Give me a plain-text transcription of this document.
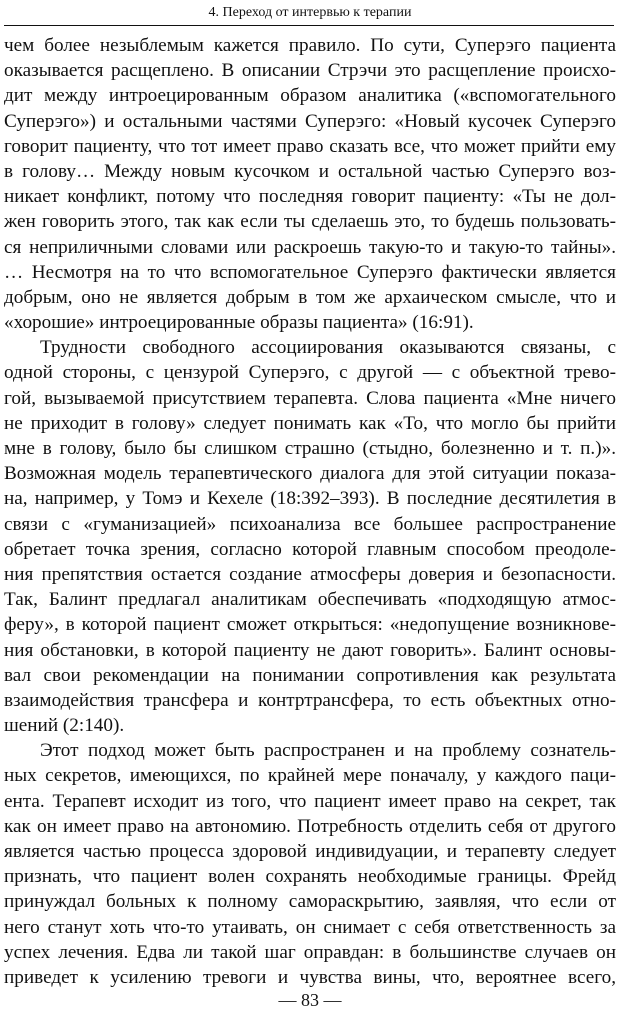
4. Переход от интервью к терапии
чем более незыблемым кажется правило. По сути, Суперэго пациента
оказывается расщеплено. В описании Стрэчи это расщепление происхо-
дит между интроецированным образом аналитика («вспомогательного
Суперэго») и остальными частями Суперэго: «Новый кусочек Суперэго
говорит пациенту, что тот имеет право сказать все, что может прийти ему
в голову… Между новым кусочком и остальной частью Суперэго воз-
никает конфликт, потому что последняя говорит пациенту: «Ты не дол-
жен говорить этого, так как если ты сделаешь это, то будешь пользовать-
ся неприличными словами или раскроешь такую-то и такую-то тайны».
… Несмотря на то что вспомогательное Суперэго фактически является
добрым, оно не является добрым в том же архаическом смысле, что и
«хорошие» интроецированные образы пациента» (16:91).
Трудности свободного ассоциирования оказываются связаны, с
одной стороны, с цензурой Суперэго, с другой — с объектной трево-
гой, вызываемой присутствием терапевта. Слова пациента «Мне ничего
не приходит в голову» следует понимать как «То, что могло бы прийти
мне в голову, было бы слишком страшно (стыдно, болезненно и т. п.)».
Возможная модель терапевтического диалога для этой ситуации показа-
на, например, у Томэ и Кехеле (18:392–393). В последние десятилетия в
связи с «гуманизацией» психоанализа все большее распространение
обретает точка зрения, согласно которой главным способом преодоле-
ния препятствия остается создание атмосферы доверия и безопасности.
Так, Балинт предлагал аналитикам обеспечивать «подходящую атмос-
феру», в которой пациент сможет открыться: «недопущение возникнове-
ния обстановки, в которой пациенту не дают говорить». Балинт основы-
вал свои рекомендации на понимании сопротивления как результата
взаимодействия трансфера и контртрансфера, то есть объектных отно-
шений (2:140).
Этот подход может быть распространен и на проблему сознатель-
ных секретов, имеющихся, по крайней мере поначалу, у каждого паци-
ента. Терапевт исходит из того, что пациент имеет право на секрет, так
как он имеет право на автономию. Потребность отделить себя от другого
является частью процесса здоровой индивидуации, и терапевту следует
признать, что пациент волен сохранять необходимые границы. Фрейд
принуждал больных к полному самораскрытию, заявляя, что если от
него станут хоть что-то утаивать, он снимает с себя ответственность за
успех лечения. Едва ли такой шаг оправдан: в большинстве случаев он
приведет к усилению тревоги и чувства вины, что, вероятнее всего,
— 83 —
